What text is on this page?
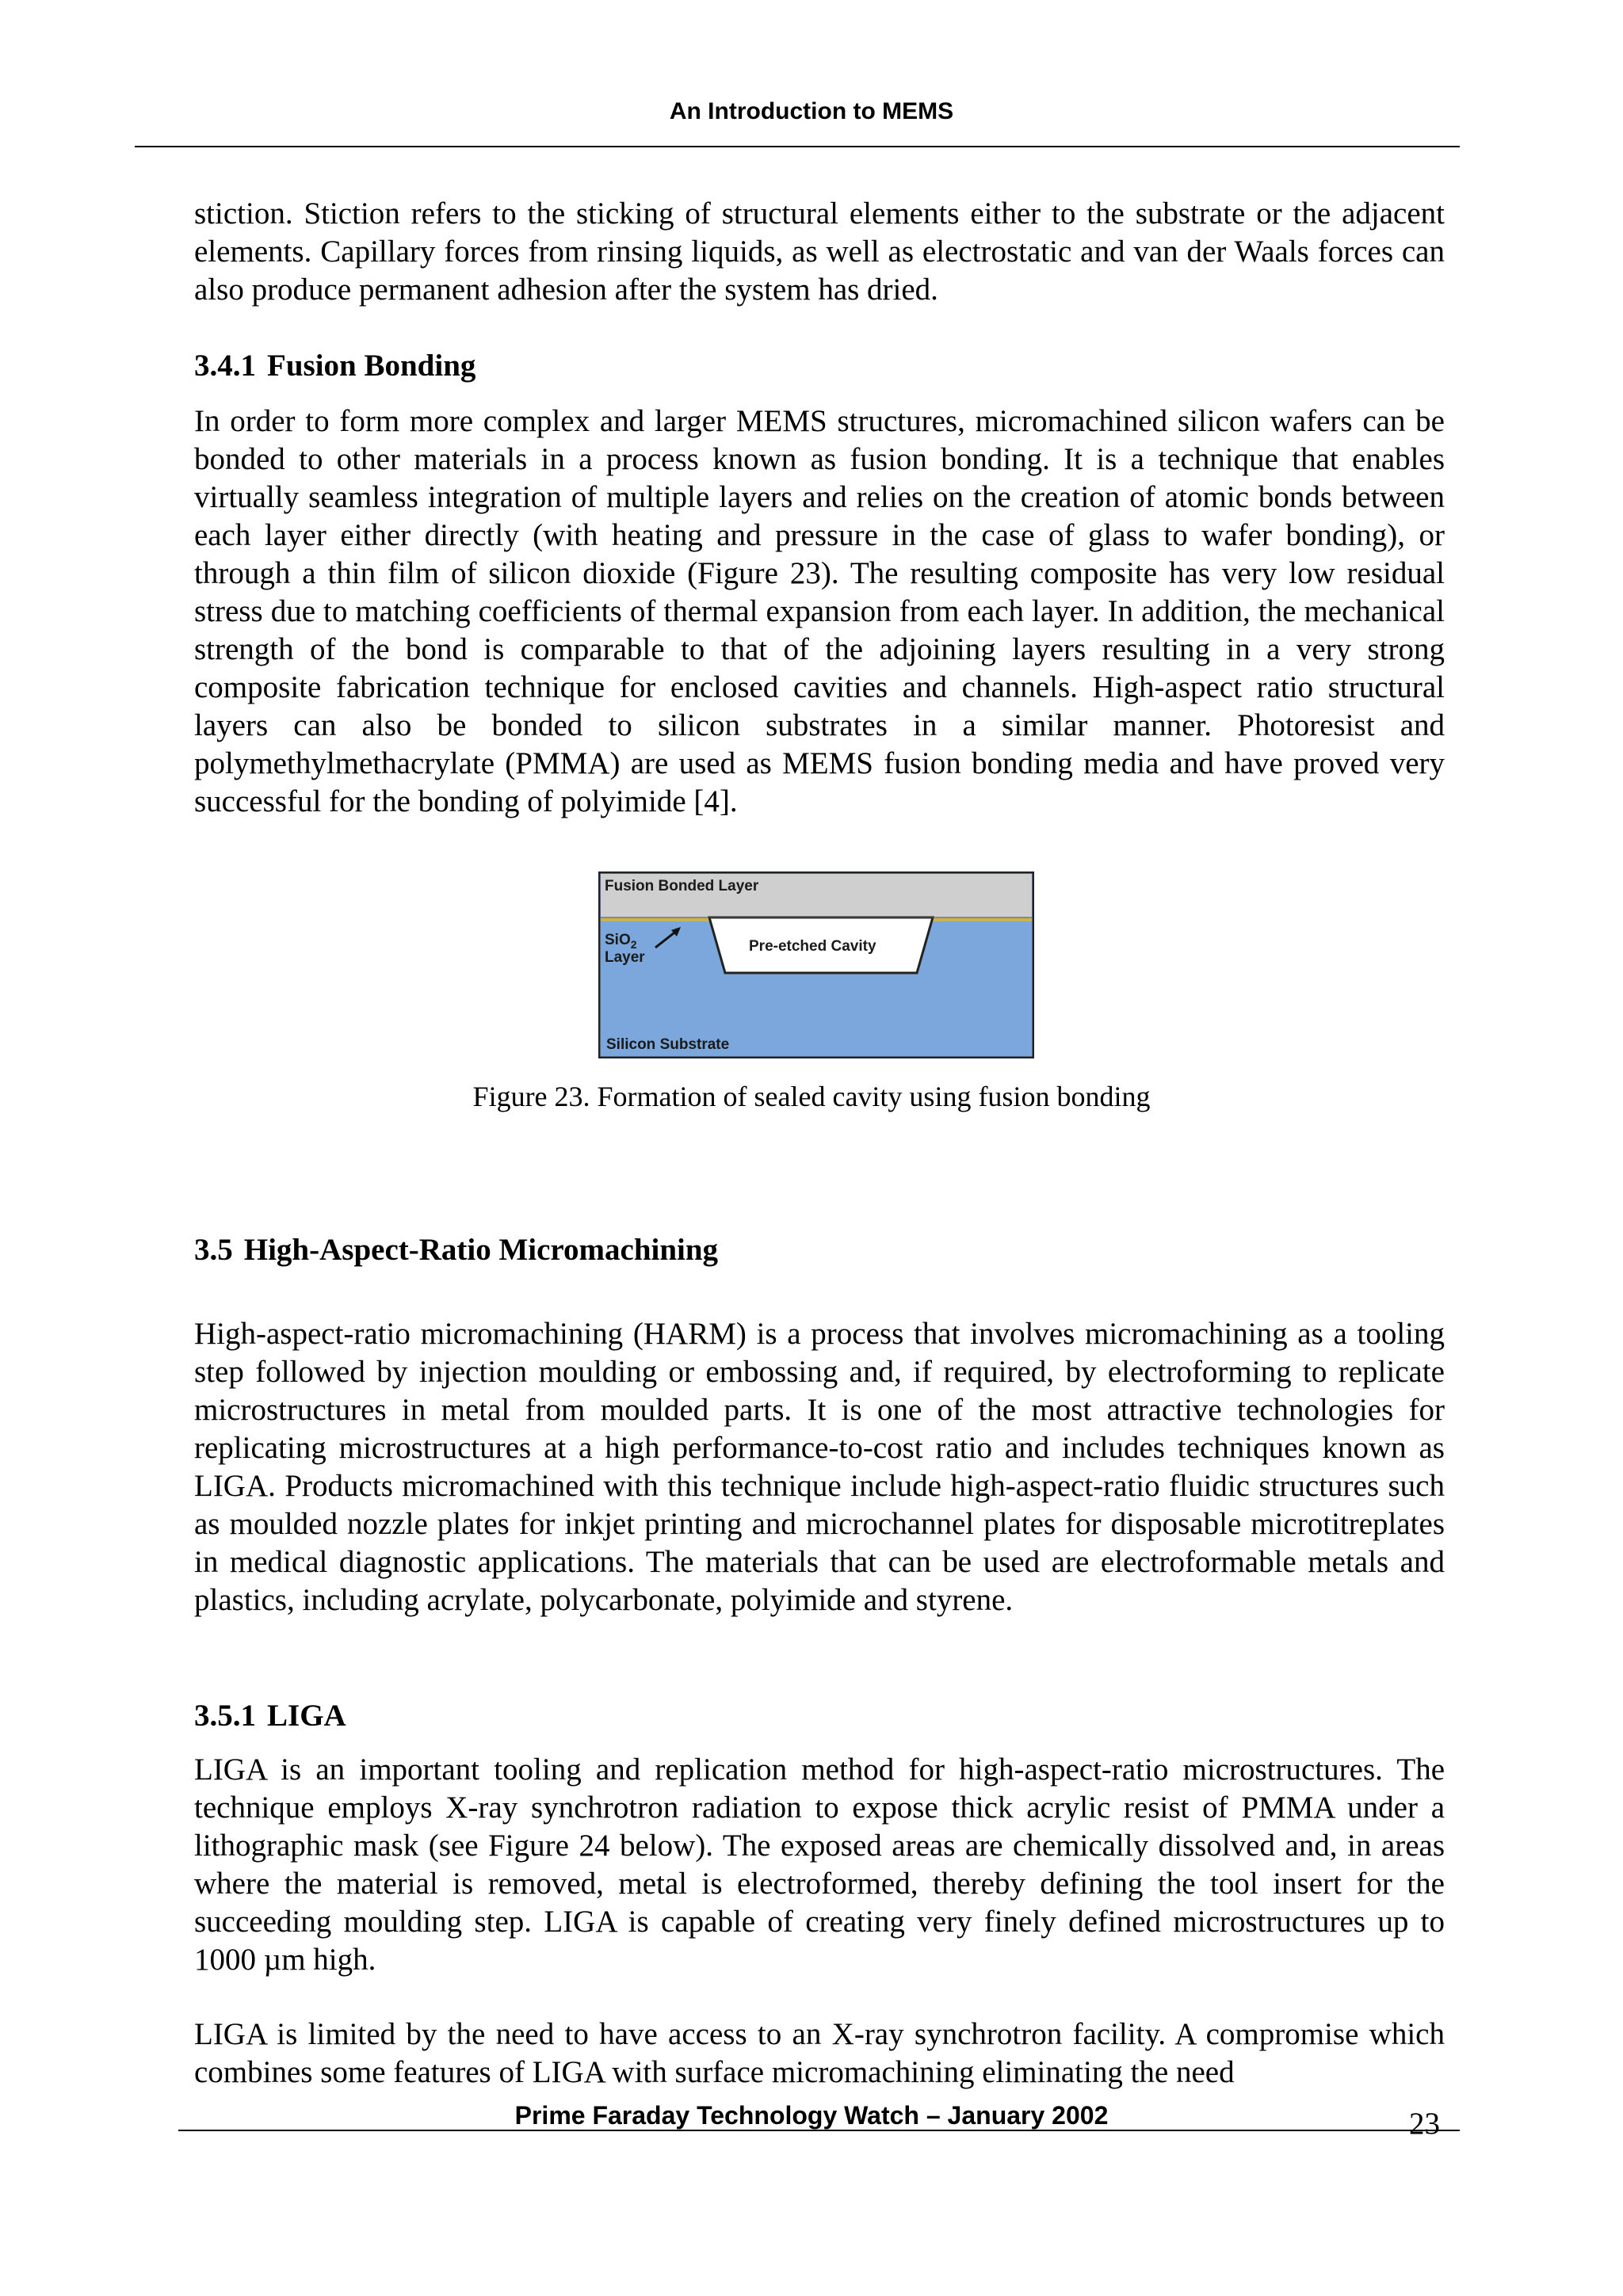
An Introduction to MEMS

stiction. Stiction refers to the sticking of structural elements either to the substrate or the adjacent elements. Capillary forces from rinsing liquids, as well as electrostatic and van der Waals forces can also produce permanent adhesion after the system has dried.

3.4.1 Fusion Bonding

In order to form more complex and larger MEMS structures, micromachined silicon wafers can be bonded to other materials in a process known as fusion bonding. It is a technique that enables virtually seamless integration of multiple layers and relies on the creation of atomic bonds between each layer either directly (with heating and pressure in the case of glass to wafer bonding), or through a thin film of silicon dioxide (Figure 23). The resulting composite has very low residual stress due to matching coefficients of thermal expansion from each layer. In addition, the mechanical strength of the bond is comparable to that of the adjoining layers resulting in a very strong composite fabrication technique for enclosed cavities and channels. High-aspect ratio structural layers can also be bonded to silicon substrates in a similar manner. Photoresist and polymethylmethacrylate (PMMA) are used as MEMS fusion bonding media and have proved very successful for the bonding of polyimide [4].

Fusion Bonded Layer
SiO$_2$
Layer
Pre-etched Cavity
Silicon Substrate
Figure 23. Formation of sealed cavity using fusion bonding
3.5 High-Aspect-Ratio Micromachining

High-aspect-ratio micromachining (HARM) is a process that involves micromachining as a tooling step followed by injection moulding or embossing and, if required, by electroforming to replicate microstructures in metal from moulded parts. It is one of the most attractive technologies for replicating microstructures at a high performance-to-cost ratio and includes techniques known as LIGA. Products micromachined with this technique include high-aspect-ratio fluidic structures such as moulded nozzle plates for inkjet printing and microchannel plates for disposable microtitreplates in medical diagnostic applications. The materials that can be used are electroformable metals and plastics, including acrylate, polycarbonate, polyimide and styrene.

3.5.1 LIGA

LIGA is an important tooling and replication method for high-aspect-ratio microstructures. The technique employs X-ray synchrotron radiation to expose thick acrylic resist of PMMA under a lithographic mask (see Figure 24 below). The exposed areas are chemically dissolved and, in areas where the material is removed, metal is electroformed, thereby defining the tool insert for the succeeding moulding step. LIGA is capable of creating very finely defined microstructures up to 1000 µm high.

LIGA is limited by the need to have access to an X-ray synchrotron facility. A compromise which combines some features of LIGA with surface micromachining eliminating the need

Prime Faraday Technology Watch – January 2002	23
